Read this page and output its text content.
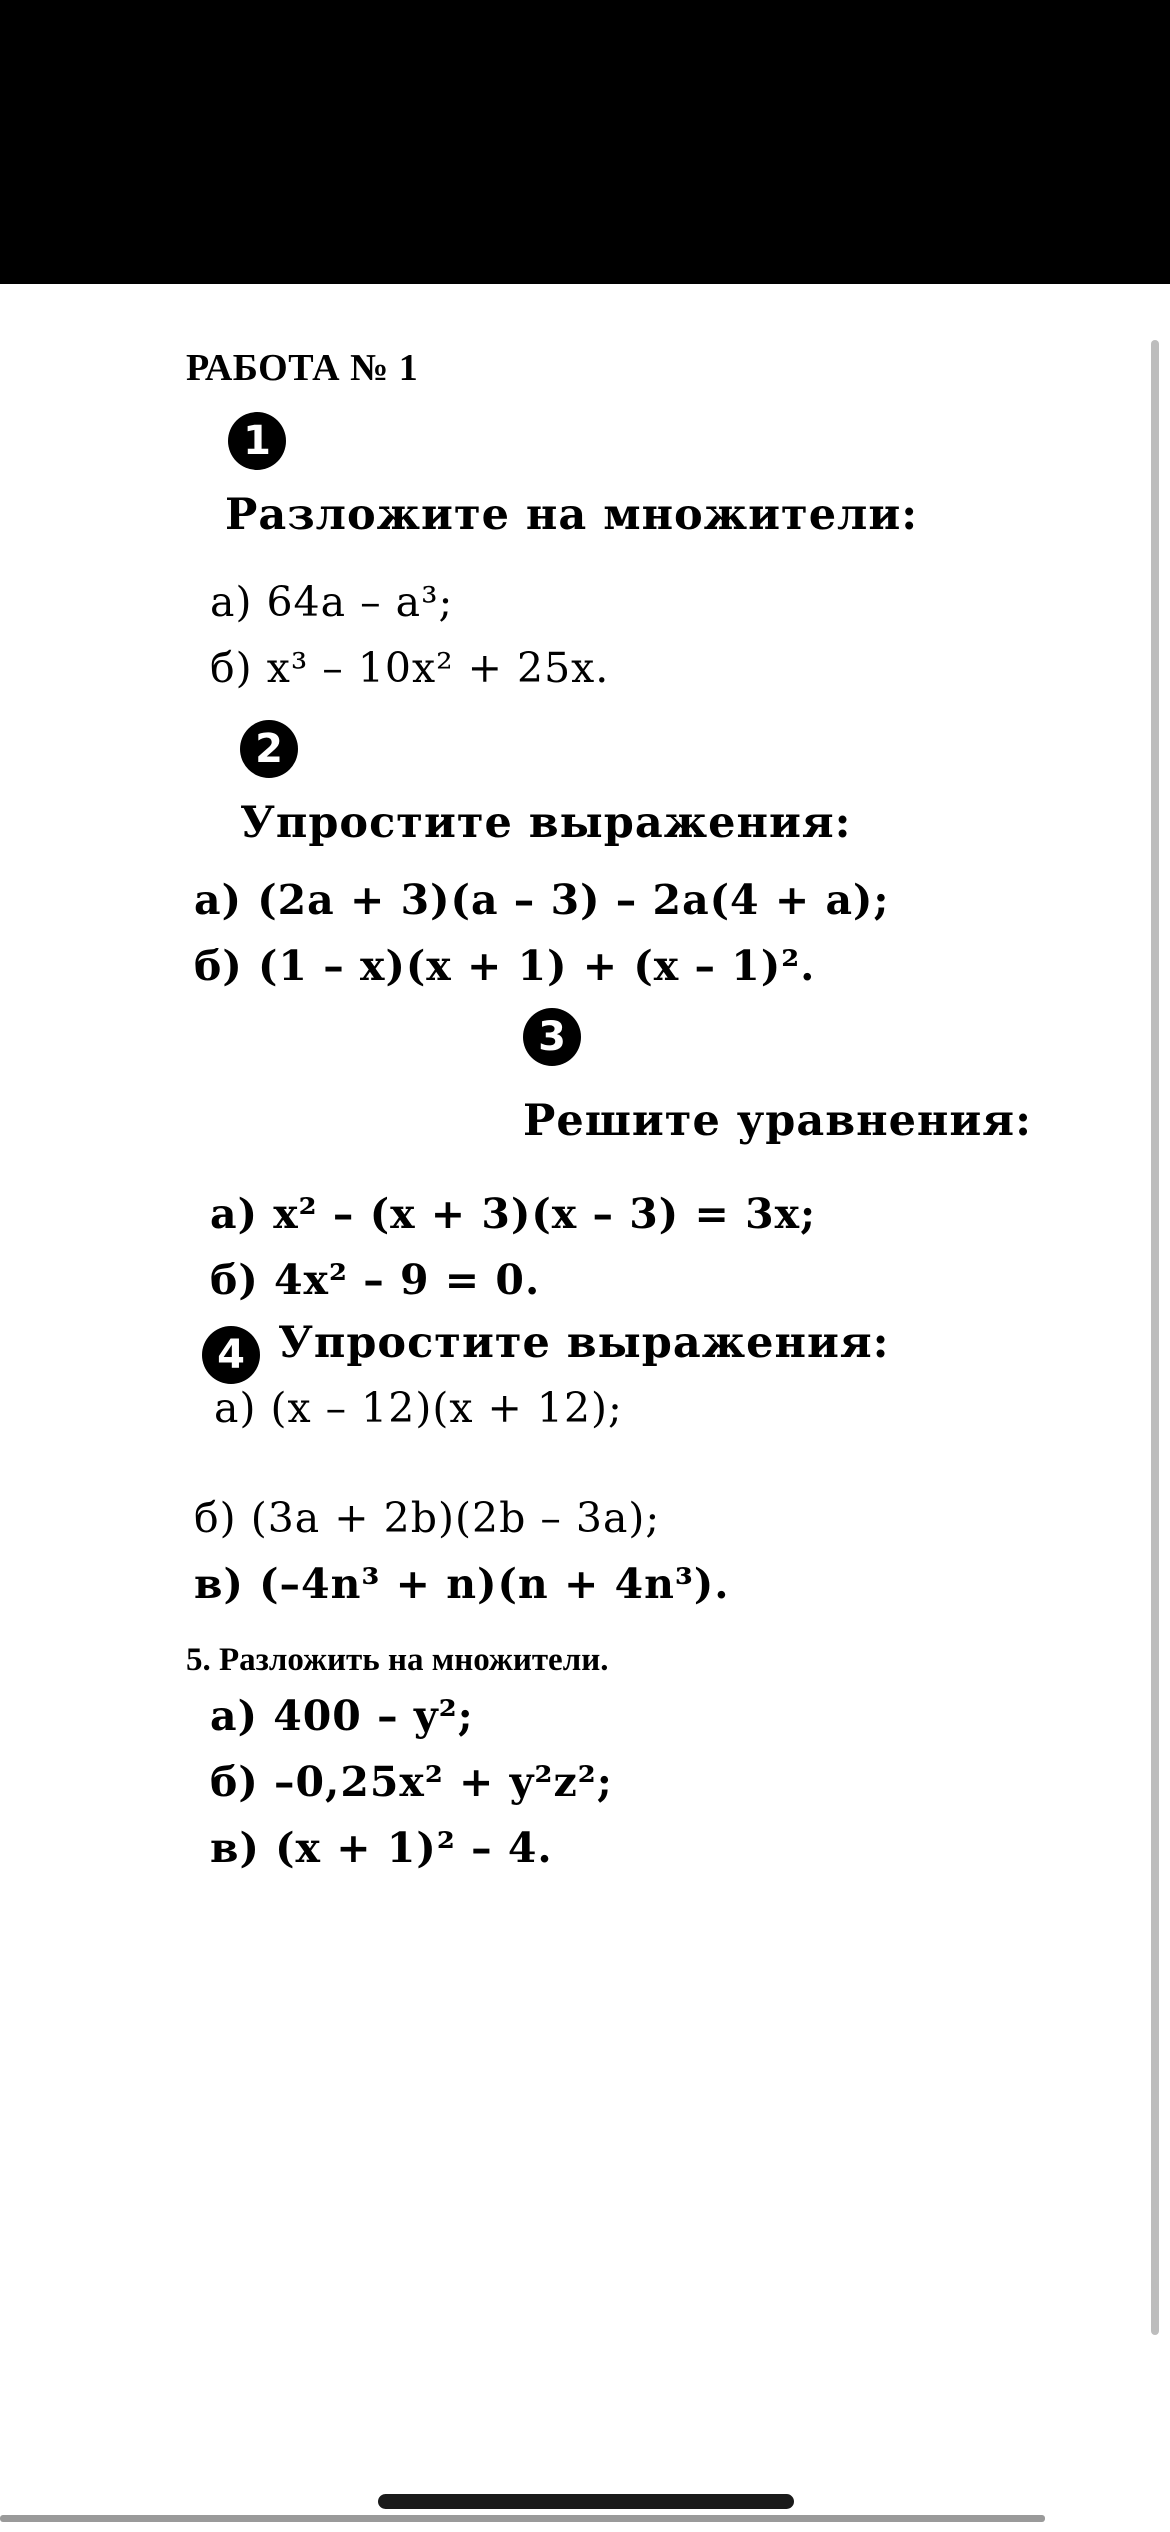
РАБОТА № 1
1
Разложите на множители:
а) 64a – a³;
б) x³ – 10x² + 25x.
2
Упростите выражения:
а) (2a + 3)(a – 3) – 2a(4 + a);
б) (1 – x)(x + 1) + (x – 1)².
3
Решите уравнения:
а) x² – (x + 3)(x – 3) = 3x;
б) 4x² – 9 = 0.
4 Упростите выражения:
а) (x – 12)(x + 12);
б) (3a + 2b)(2b – 3a);
в) (–4n³ + n)(n + 4n³).
5. Разложить на множители.
а) 400 – y²;
б) –0,25x² + y²z²;
в) (x + 1)² – 4.
